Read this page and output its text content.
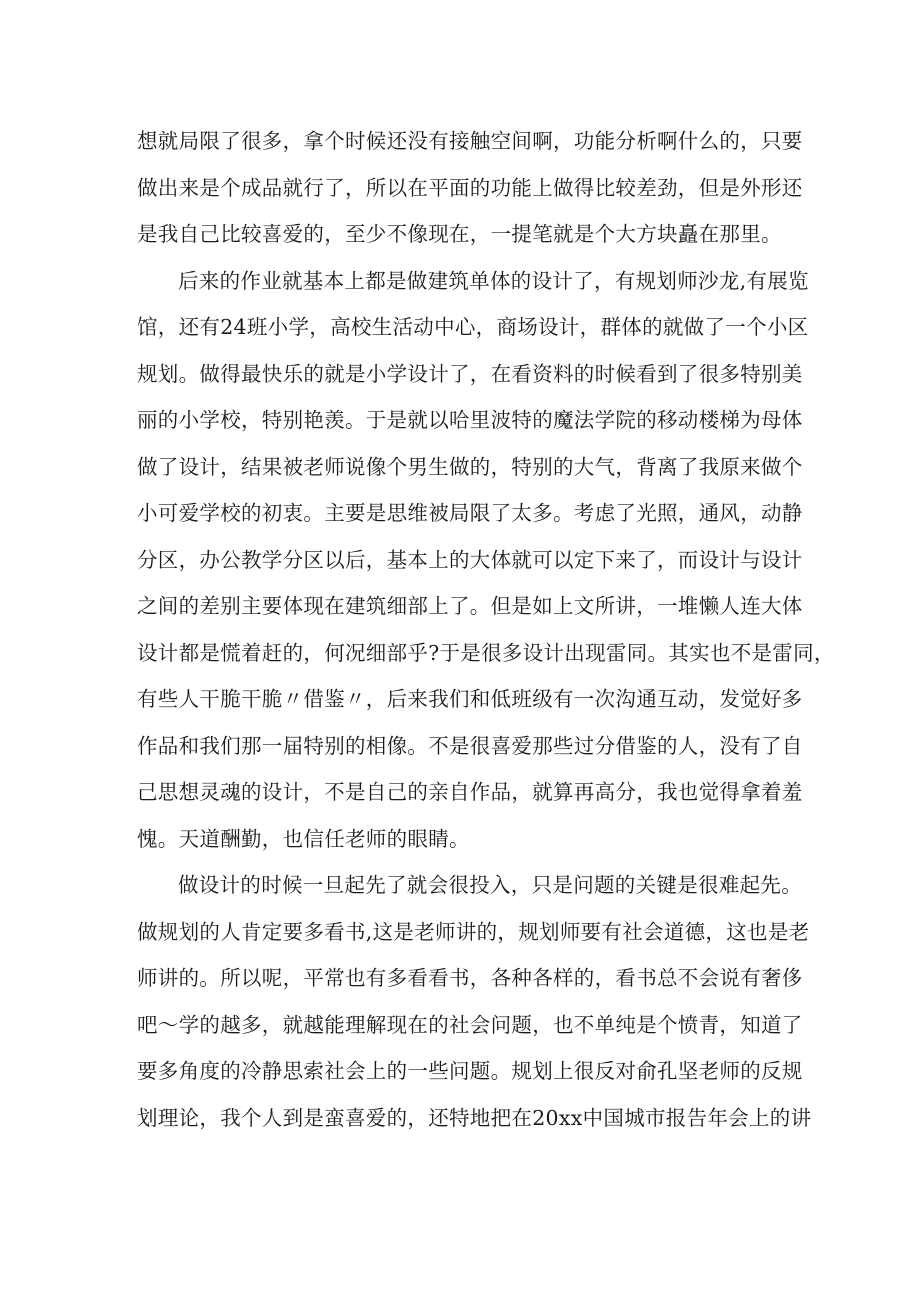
想就局限了很多，拿个时候还没有接触空间啊，功能分析啊什么的，只要
做出来是个成品就行了，所以在平面的功能上做得比较差劲，但是外形还
是我自己比较喜爱的，至少不像现在，一提笔就是个大方块矗在那里。
后来的作业就基本上都是做建筑单体的设计了，有规划师沙龙,有展览
馆，还有24班小学，高校生活动中心，商场设计，群体的就做了一个小区
规划。做得最快乐的就是小学设计了，在看资料的时候看到了很多特别美
丽的小学校，特别艳羡。于是就以哈里波特的魔法学院的移动楼梯为母体
做了设计，结果被老师说像个男生做的，特别的大气，背离了我原来做个
小可爱学校的初衷。主要是思维被局限了太多。考虑了光照，通风，动静
分区，办公教学分区以后，基本上的大体就可以定下来了，而设计与设计
之间的差别主要体现在建筑细部上了。但是如上文所讲，一堆懒人连大体
设计都是慌着赶的，何况细部乎?于是很多设计出现雷同。其实也不是雷同，
有些人干脆干脆〃借鉴〃，后来我们和低班级有一次沟通互动，发觉好多
作品和我们那一届特别的相像。不是很喜爱那些过分借鉴的人，没有了自
己思想灵魂的设计，不是自己的亲自作品，就算再高分，我也觉得拿着羞
愧。天道酬勤，也信任老师的眼睛。
做设计的时候一旦起先了就会很投入，只是问题的关键是很难起先。
做规划的人肯定要多看书,这是老师讲的，规划师要有社会道德，这也是老
师讲的。所以呢，平常也有多看看书，各种各样的，看书总不会说有奢侈
吧～学的越多，就越能理解现在的社会问题，也不单纯是个愤青，知道了
要多角度的冷静思索社会上的一些问题。规划上很反对俞孔坚老师的反规
划理论，我个人到是蛮喜爱的，还特地把在20xx中国城市报告年会上的讲
